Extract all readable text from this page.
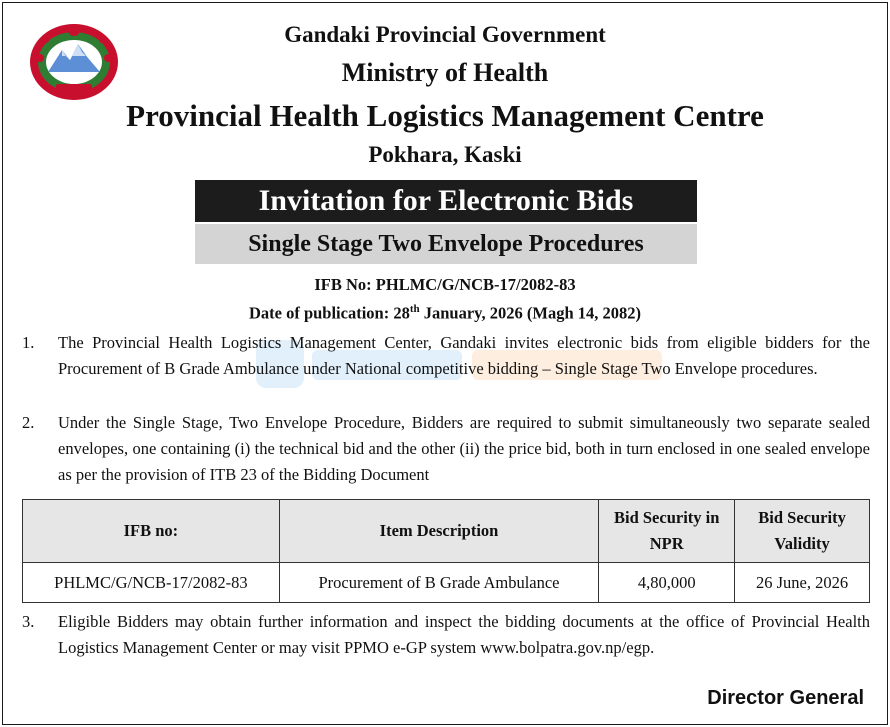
Gandaki Provincial Government
Ministry of Health
Provincial Health Logistics Management Centre
Pokhara, Kaski
Invitation for Electronic Bids
Single Stage Two Envelope Procedures
IFB No: PHLMC/G/NCB-17/2082-83
Date of publication: 28th January, 2026 (Magh 14, 2082)
1. The Provincial Health Logistics Management Center, Gandaki invites electronic bids from eligible bidders for the Procurement of B Grade Ambulance under National competitive bidding – Single Stage Two Envelope procedures.
2. Under the Single Stage, Two Envelope Procedure, Bidders are required to submit simultaneously two separate sealed envelopes, one containing (i) the technical bid and the other (ii) the price bid, both in turn enclosed in one sealed envelope as per the provision of ITB 23 of the Bidding Document
IFB no:	Item Description	Bid Security in NPR	Bid Security Validity
PHLMC/G/NCB-17/2082-83	Procurement of B Grade Ambulance	4,80,000	26 June, 2026
3. Eligible Bidders may obtain further information and inspect the bidding documents at the office of Provincial Health Logistics Management Center or may visit PPMO e-GP system www.bolpatra.gov.np/egp.
Director General
